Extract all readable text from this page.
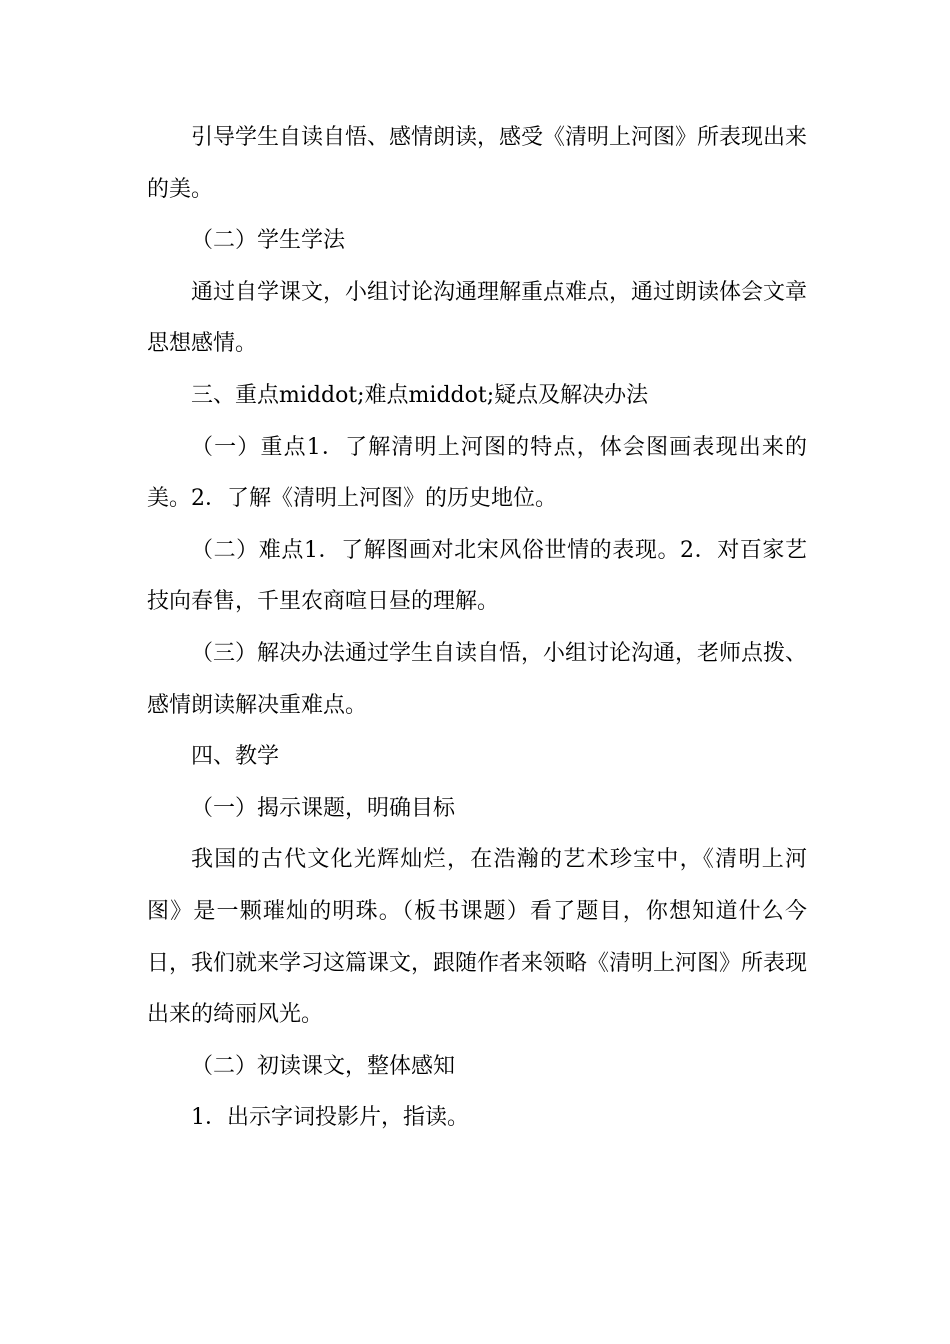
引导学生自读自悟、感情朗读，感受《清明上河图》所表现出来的美。

（二）学生学法

通过自学课文，小组讨论沟通理解重点难点，通过朗读体会文章思想感情。

三、重点middot;难点middot;疑点及解决办法

（一）重点1．了解清明上河图的特点，体会图画表现出来的美。2．了解《清明上河图》的历史地位。

（二）难点1．了解图画对北宋风俗世情的表现。2．对百家艺技向春售，千里农商喧日昼的理解。

（三）解决办法通过学生自读自悟，小组讨论沟通，老师点拨、感情朗读解决重难点。

四、教学

（一）揭示课题，明确目标

我国的古代文化光辉灿烂，在浩瀚的艺术珍宝中，《清明上河图》是一颗璀灿的明珠。（板书课题）看了题目，你想知道什么今日，我们就来学习这篇课文，跟随作者来领略《清明上河图》所表现出来的绮丽风光。

（二）初读课文，整体感知

1．出示字词投影片，指读。
